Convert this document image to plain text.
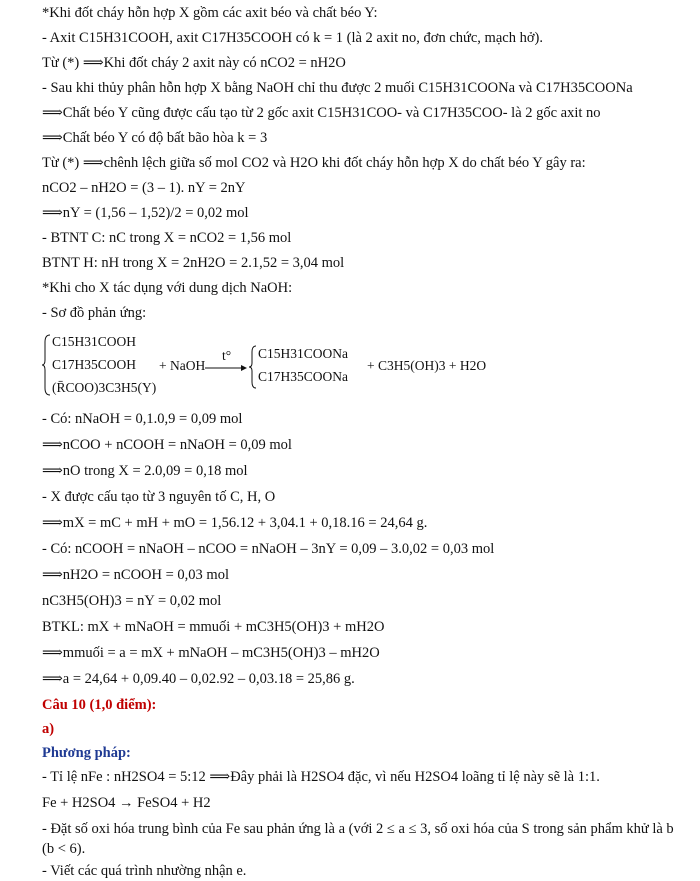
*Khi đốt cháy hỗn hợp X gồm các axit béo và chất béo Y:
- Axit C15H31COOH, axit C17H35COOH có k = 1 (là 2 axit no, đơn chức, mạch hở).
Từ (*) ⟹Khi đốt cháy 2 axit này có nCO2 = nH2O
- Sau khi thủy phân hỗn hợp X bằng NaOH chỉ thu được 2 muối C15H31COONa và C17H35COONa
⟹Chất béo Y cũng được cấu tạo từ 2 gốc axit C15H31COO- và C17H35COO- là 2 gốc axit no
⟹Chất béo Y có độ bất bão hòa k = 3
Từ (*) ⟹chênh lệch giữa số mol CO2 và H2O khi đốt cháy hỗn hợp X do chất béo Y gây ra:
nCO2 – nH2O = (3 – 1). nY = 2nY
⟹nY = (1,56 – 1,52)/2 = 0,02 mol
- BTNT C: nC trong X = nCO2 = 1,56 mol
BTNT H: nH trong X = 2nH2O = 2.1,52 = 3,04 mol
*Khi cho X tác dụng với dung dịch NaOH:
- Sơ đồ phản ứng:
C15H31COOH
C17H35COOH
(R̄COO)3C3H5(Y)
+ NaOH
t° C15H31COONa
C17H35COONa
+ C3H5(OH)3 + H2O
- Có: nNaOH = 0,1.0,9 = 0,09 mol
⟹nCOO + nCOOH = nNaOH = 0,09 mol
⟹nO trong X = 2.0,09 = 0,18 mol
- X được cấu tạo từ 3 nguyên tố C, H, O
⟹mX = mC + mH + mO = 1,56.12 + 3,04.1 + 0,18.16 = 24,64 g.
- Có: nCOOH = nNaOH – nCOO = nNaOH – 3nY = 0,09 – 3.0,02 = 0,03 mol
⟹nH2O = nCOOH = 0,03 mol
nC3H5(OH)3 = nY = 0,02 mol
BTKL: mX + mNaOH = mmuối + mC3H5(OH)3 + mH2O
⟹mmuối = a = mX + mNaOH – mC3H5(OH)3 – mH2O
⟹a = 24,64 + 0,09.40 – 0,02.92 – 0,03.18 = 25,86 g.
Câu 10 (1,0 điểm):
a)
Phương pháp:
- Tỉ lệ nFe : nH2SO4 = 5:12 ⟹Đây phải là H2SO4 đặc, vì nếu H2SO4 loãng tỉ lệ này sẽ là 1:1.
Fe + H2SO4 → FeSO4 + H2
- Đặt số oxi hóa trung bình của Fe sau phản ứng là a (với 2 ≤ a ≤ 3, số oxi hóa của S trong sản phẩm khử là b
(b < 6).
- Viết các quá trình nhường nhận e.
